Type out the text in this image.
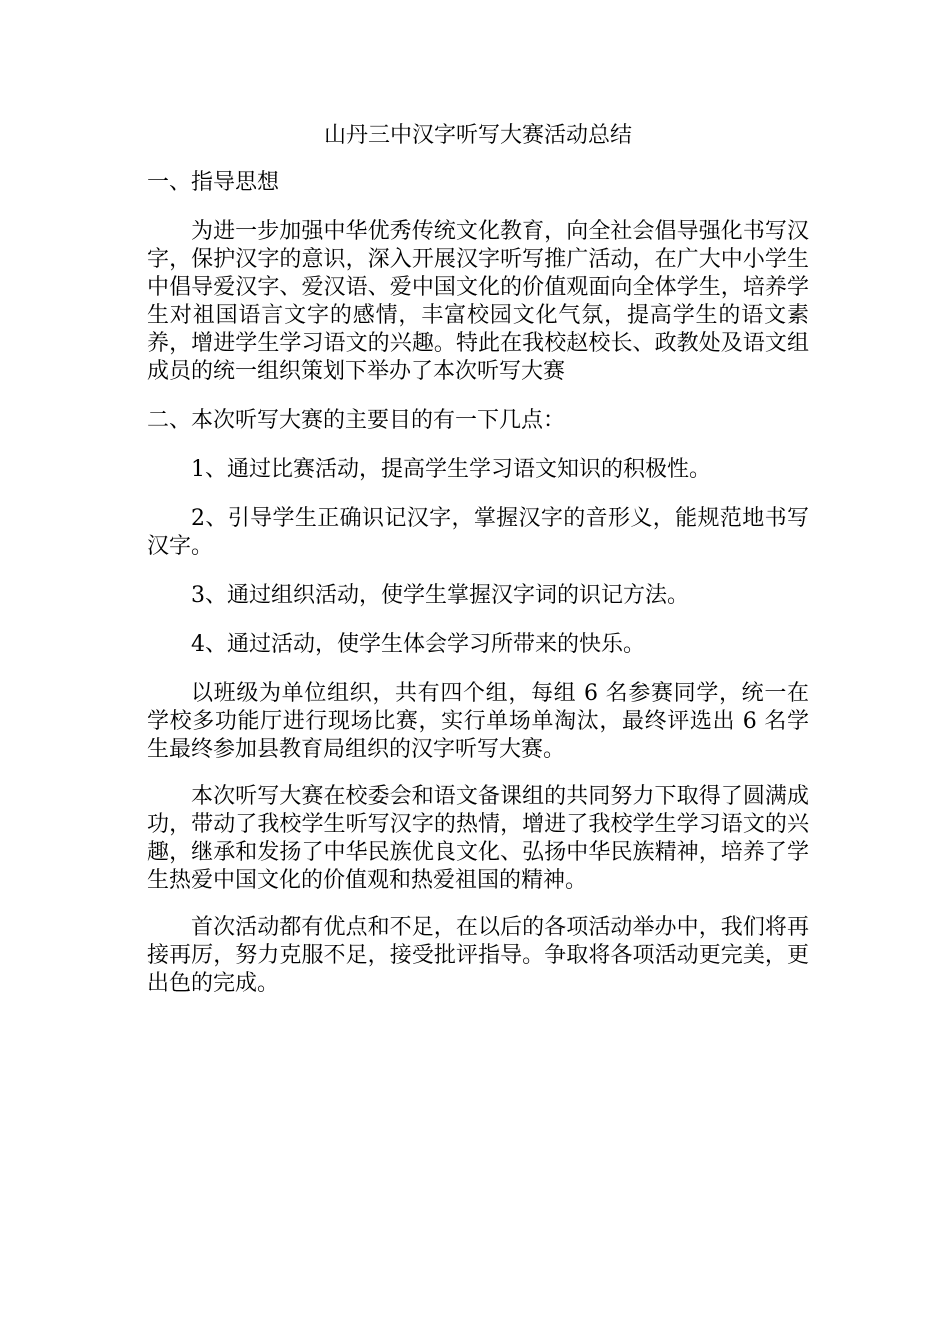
山丹三中汉字听写大赛活动总结
一、指导思想
为进一步加强中华优秀传统文化教育，向全社会倡导强化书写汉字，保护汉字的意识，深入开展汉字听写推广活动，在广大中小学生中倡导爱汉字、爱汉语、爱中国文化的价值观面向全体学生，培养学生对祖国语言文字的感情，丰富校园文化气氛，提高学生的语文素养，增进学生学习语文的兴趣。特此在我校赵校长、政教处及语文组成员的统一组织策划下举办了本次听写大赛
二、本次听写大赛的主要目的有一下几点：
1、通过比赛活动，提高学生学习语文知识的积极性。
2、引导学生正确识记汉字，掌握汉字的音形义，能规范地书写汉字。
3、通过组织活动，使学生掌握汉字词的识记方法。
4、通过活动，使学生体会学习所带来的快乐。
以班级为单位组织，共有四个组，每组 6 名参赛同学，统一在学校多功能厅进行现场比赛，实行单场单淘汰，最终评选出 6 名学生最终参加县教育局组织的汉字听写大赛。
本次听写大赛在校委会和语文备课组的共同努力下取得了圆满成功，带动了我校学生听写汉字的热情，增进了我校学生学习语文的兴趣，继承和发扬了中华民族优良文化、弘扬中华民族精神，培养了学生热爱中国文化的价值观和热爱祖国的精神。
首次活动都有优点和不足，在以后的各项活动举办中，我们将再接再厉，努力克服不足，接受批评指导。争取将各项活动更完美，更出色的完成。
